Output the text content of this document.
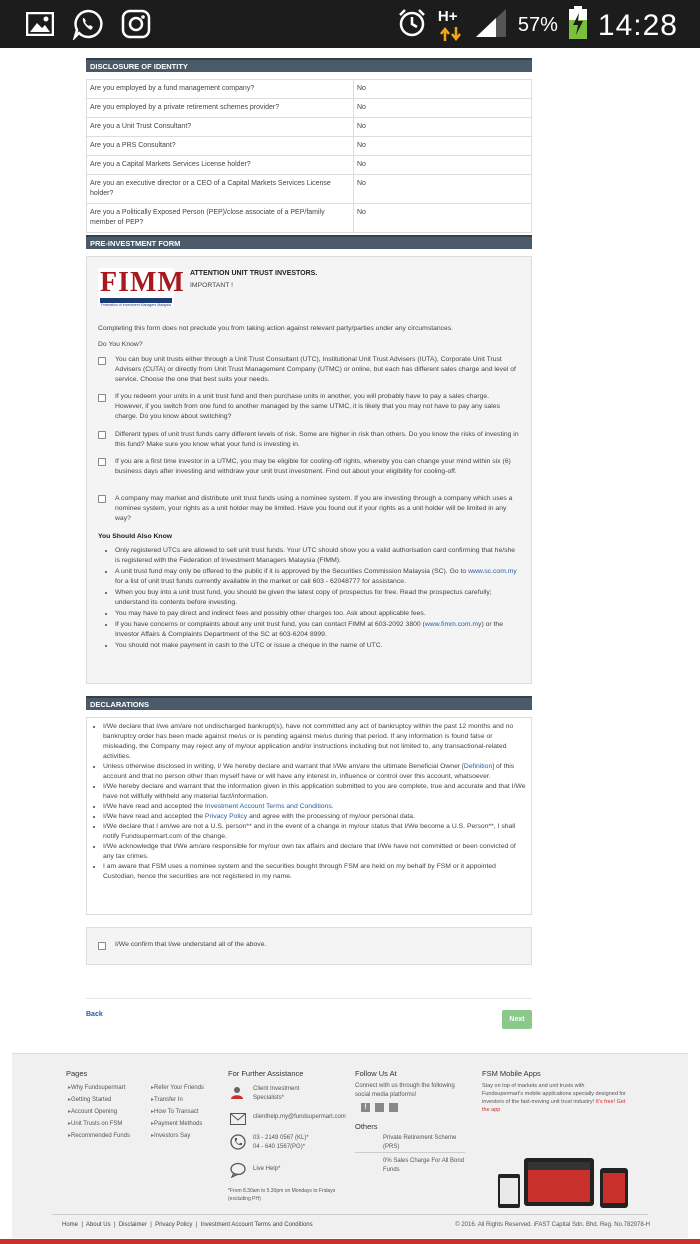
H+	57% 14:28
DISCLOSURE OF IDENTITY
Are you employed by a fund management company?	No
Are you employed by a private retirement schemes provider?	No
Are you a Unit Trust Consultant?	No
Are you a PRS Consultant?	No
Are you a Capital Markets Services License holder?	No
Are you an executive director or a CEO of a Capital Markets Services License holder?	No
Are you a Politically Exposed Person (PEP)/close associate of a PEP/family member of PEP?	No
PRE-INVESTMENT FORM
FIMM
Federation of Investment Managers Malaysia
ATTENTION UNIT TRUST INVESTORS.
IMPORTANT !
Completing this form does not preclude you from taking action against relevant party/parties under any circumstances.
Do You Know?
You can buy unit trusts either through a Unit Trust Consultant (UTC), Institutional Unit Trust Advisers (IUTA), Corporate Unit Trust Advisers (CUTA) or directly from Unit Trust Management Company (UTMC) or online, but each has different sales charge and level of service. Choose the one that best suits your needs.
If you redeem your units in a unit trust fund and then purchase units in another, you will probably have to pay a sales charge. However, if you switch from one fund to another managed by the same UTMC, it is likely that you may not have to pay any sales charge. Do you know about switching?
Different types of unit trust funds carry different levels of risk. Some are higher in risk than others. Do you know the risks of investing in this fund? Make sure you know what your fund is investing in.
If you are a first time investor in a UTMC, you may be eligible for cooling-off rights, whereby you can change your mind within six (6) business days after investing and withdraw your unit trust investment. Find out about your eligibility for cooling-off.
A company may market and distribute unit trust funds using a nominee system. If you are investing through a company which uses a nominee system, your rights as a unit holder may be limited. Have you found out if your rights as a unit holder will be limited in any way?
You Should Also Know
• Only registered UTCs are allowed to sell unit trust funds. Your UTC should show you a valid authorisation card confirming that he/she is registered with the Federation of Investment Managers Malaysia (FIMM).
• A unit trust fund may only be offered to the public if it is approved by the Securities Commission Malaysia (SC). Go to www.sc.com.my for a list of unit trust funds currently available in the market or call 603 - 62048777 for assistance.
• When you buy into a unit trust fund, you should be given the latest copy of prospectus for free. Read the prospectus carefully; understand its contents before investing.
• You may have to pay direct and indirect fees and possibly other charges too. Ask about applicable fees.
• If you have concerns or complaints about any unit trust fund, you can contact FIMM at 603-2092 3800 (www.fimm.com.my) or the Investor Affairs & Complaints Department of the SC at 603-6204 8999.
• You should not make payment in cash to the UTC or issue a cheque in the name of UTC.
DECLARATIONS
• I/We declare that I/we am/are not undischarged bankrupt(s), have not committed any act of bankruptcy within the past 12 months and no bankruptcy order has been made against me/us or is pending against me/us during that period. If any information is found false or misleading, the Company may reject any of my/our application and/or instructions including but not limited to, any transactional-related activities.
• Unless otherwise disclosed in writing, I/ We hereby declare and warrant that I/We am/are the ultimate Beneficial Owner [Definition] of this account and that no person other than myself have or will have any interest in, influence or control over this account, whatsoever.
• I/We hereby declare and warrant that the information given in this application submitted to you are complete, true and accurate and that I/We have not willfully withheld any material fact/information.
• I/We have read and accepted the Investment Account Terms and Conditions.
• I/We have read and accepted the Privacy Policy and agree with the processing of my/our personal data.
• I/We declare that I am/we are not a U.S. person** and in the event of a change in my/our status that I/We become a U.S. Person**, I shall notify Fundsupermart.com of the change.
• I/We acknowledge that I/We am/are responsible for my/our own tax affairs and declare that I/We have not committed or been convicted of any tax crimes.
• I am aware that FSM uses a nominee system and the securities bought through FSM are held on my behalf by FSM or it appointed Custodian, hence the securities are not registered in my name.
I/We confirm that I/we understand all of the above.
Back
Next
Pages
▸ Why Fundsupermart
▸ Getting Started
▸ Account Opening
▸ Unit Trusts on FSM
▸ Recommended Funds
▸ Refer Your Friends
▸ Transfer In
▸ How To Transact
▸ Payment Methods
▸ Investors Say
For Further Assistance
Client Investment Specialists*
clienthelp.my@fundsupermart.com
03 - 2149 0567 (KL)*
04 - 640 1567(PG)*
Live Help*
*From 8.30am to 5.30pm on Mondays to Fridays (excluding PH)
Follow Us At
Connect with us through the following social media platforms!
f
Others
Private Retirement Scheme (PRS)
0% Sales Charge For All Bond Funds
FSM Mobile Apps
Stay on top of markets and unit trusts with Fundsupermart's mobile applications specially designed for investors of the fast-moving unit trust industry! It's free! Get the app
Home  |  About Us  |  Disclaimer  |  Privacy Policy  |  Investment Account Terms and Conditions	© 2016. All Rights Reserved. iFAST Capital Sdn. Bhd. Reg. No.782978-H
